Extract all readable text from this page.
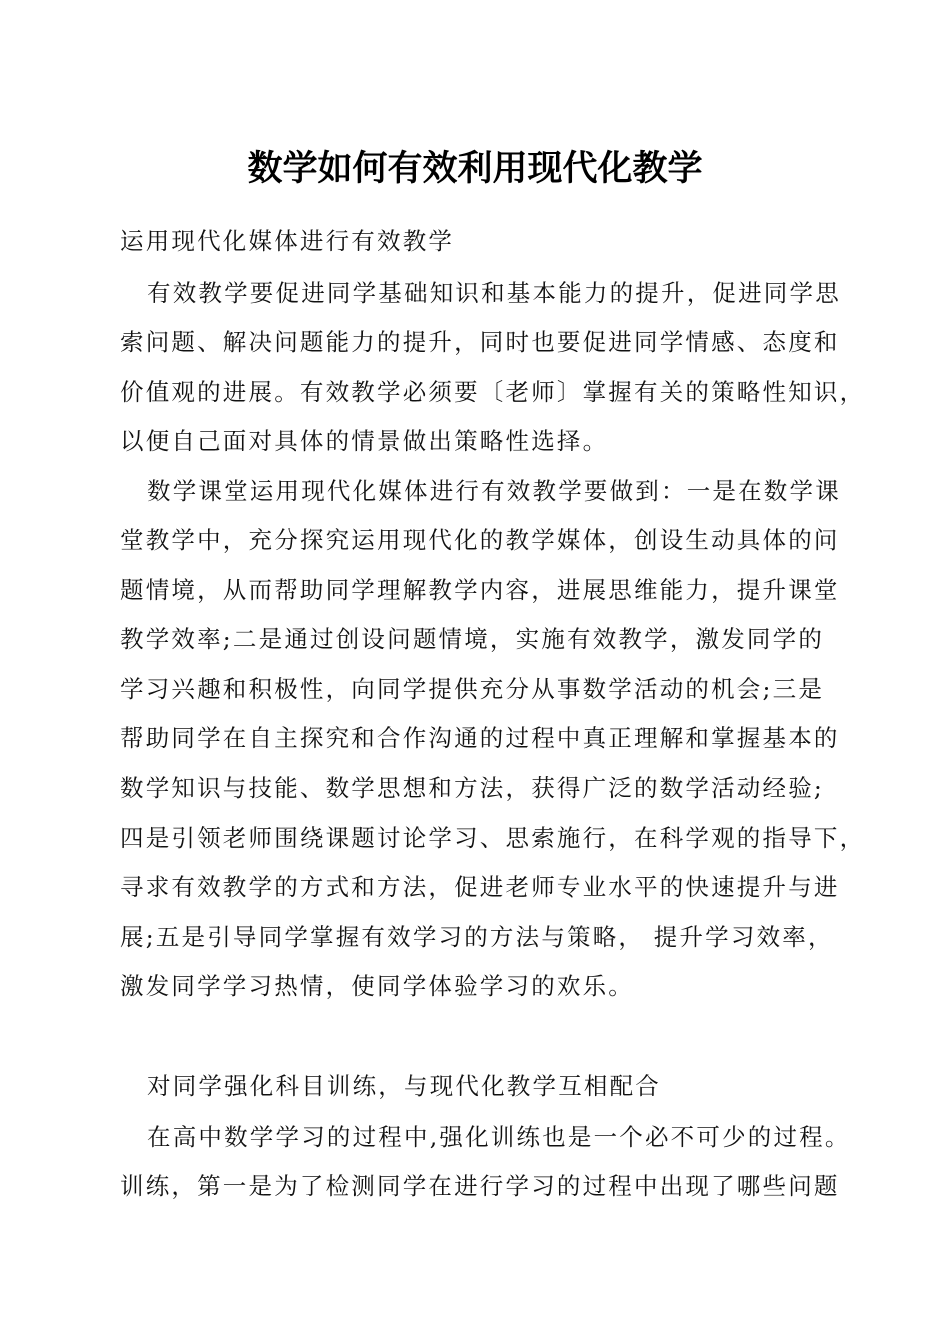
数学如何有效利用现代化教学
运用现代化媒体进行有效教学
有效教学要促进同学基础知识和基本能力的提升，促进同学思
索问题、解决问题能力的提升，同时也要促进同学情感、态度和
价值观的进展。有效教学必须要〔老师〕掌握有关的策略性知识，
以便自己面对具体的情景做出策略性选择。
数学课堂运用现代化媒体进行有效教学要做到：一是在数学课
堂教学中，充分探究运用现代化的教学媒体，创设生动具体的问
题情境，从而帮助同学理解教学内容，进展思维能力，提升课堂
教学效率;二是通过创设问题情境，实施有效教学，激发同学的
学习兴趣和积极性，向同学提供充分从事数学活动的机会;三是
帮助同学在自主探究和合作沟通的过程中真正理解和掌握基本的
数学知识与技能、数学思想和方法，获得广泛的数学活动经验;
四是引领老师围绕课题讨论学习、思索施行，在科学观的指导下，
寻求有效教学的方式和方法，促进老师专业水平的快速提升与进
展;五是引导同学掌握有效学习的方法与策略， 提升学习效率，
激发同学学习热情，使同学体验学习的欢乐。
对同学强化科目训练，与现代化教学互相配合
在高中数学学习的过程中,强化训练也是一个必不可少的过程。
训练，第一是为了检测同学在进行学习的过程中出现了哪些问题
